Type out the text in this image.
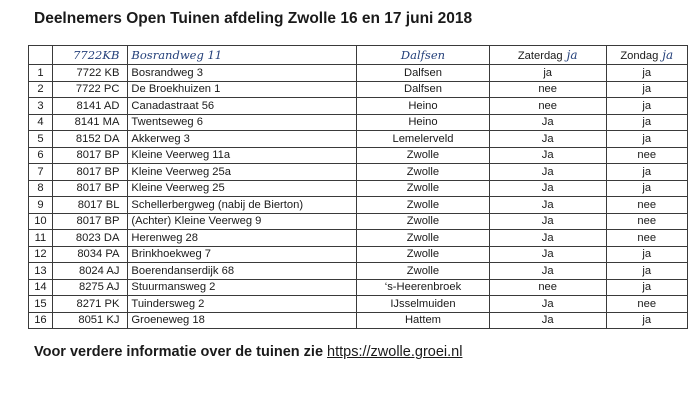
Deelnemers Open Tuinen afdeling Zwolle 16 en 17 juni 2018
	7722KB	Bosrandweg 11	Dalfsen	Zaterdag ja	Zondag ja
1	7722 KB	Bosrandweg 3	Dalfsen	ja	ja
2	7722 PC	De Broekhuizen 1	Dalfsen	nee	ja
3	8141 AD	Canadastraat 56	Heino	nee	ja
4	8141 MA	Twentseweg 6	Heino	Ja	ja
5	8152 DA	Akkerweg 3	Lemelerveld	Ja	ja
6	8017 BP	Kleine Veerweg 11a	Zwolle	Ja	nee
7	8017 BP	Kleine Veerweg 25a	Zwolle	Ja	ja
8	8017 BP	Kleine Veerweg 25	Zwolle	Ja	ja
9	8017 BL	Schellerbergweg (nabij de Bierton)	Zwolle	Ja	nee
10	8017 BP	(Achter) Kleine Veerweg 9	Zwolle	Ja	nee
11	8023 DA	Herenweg 28	Zwolle	Ja	nee
12	8034 PA	Brinkhoekweg 7	Zwolle	Ja	ja
13	8024 AJ	Boerendanserdijk 68	Zwolle	Ja	ja
14	8275 AJ	Stuurmansweg 2	‘s-Heerenbroek	nee	ja
15	8271 PK	Tuindersweg 2	IJsselmuiden	Ja	nee
16	8051 KJ	Groeneweg 18	Hattem	Ja	ja
Voor verdere informatie over de tuinen zie https://zwolle.groei.nl
